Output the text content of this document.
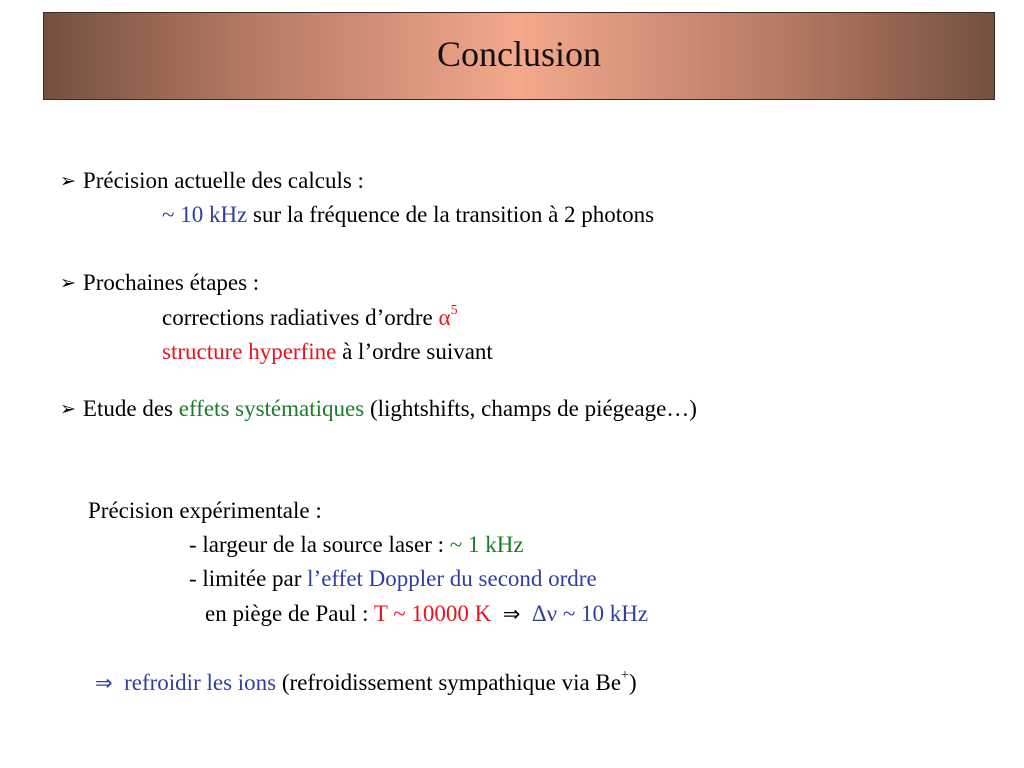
Conclusion
➢ Précision actuelle des calculs :
~ 10 kHz sur la fréquence de la transition à 2 photons
➢ Prochaines étapes :
corrections radiatives d’ordre $\alpha^5$
structure hyperfine à l’ordre suivant
➢ Etude des effets systématiques (lightshifts, champs de piégeage…)
Précision expérimentale :
- largeur de la source laser : ~ 1 kHz
- limitée par l’effet Doppler du second ordre
en piège de Paul : T ~ 10000 K ⇒ Δν ~ 10 kHz
⇒ refroidir les ions (refroidissement sympathique via Be+)
